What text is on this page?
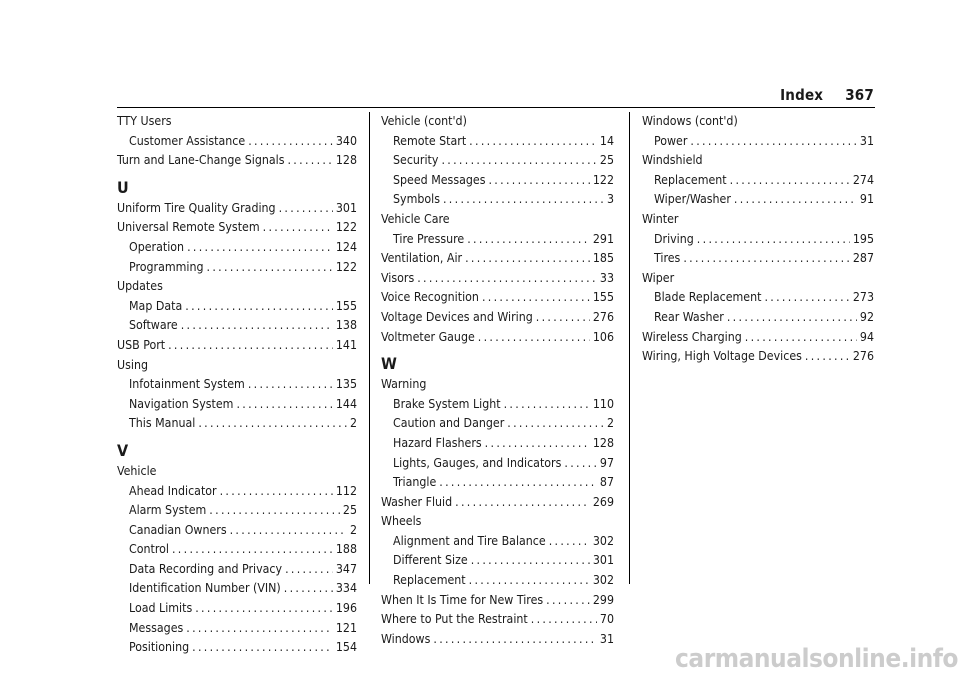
Index 367
TTY Users
Customer Assistance . . .	340
Turn and Lane-Change Signals . . .	128
U
Uniform Tire Quality Grading . . .	301
Universal Remote System . . .	122
Operation . . .	124
Programming . . .	122
Updates
Map Data . . .	155
Software . . .	138
USB Port . . .	141
Using
Infotainment System . . .	135
Navigation System . . .	144
This Manual . . .	2
V
Vehicle
Ahead Indicator . . .	112
Alarm System . . .	25
Canadian Owners . . .	2
Control . . .	188
Data Recording and Privacy . . .	347
Identification Number (VIN) . . .	334
Load Limits . . .	196
Messages . . .	121
Positioning . . .	154
Vehicle (cont'd)
Remote Start . . .	14
Security . . .	25
Speed Messages . . .	122
Symbols . . .	3
Vehicle Care
Tire Pressure . . .	291
Ventilation, Air . . .	185
Visors . . .	33
Voice Recognition . . .	155
Voltage Devices and Wiring . . .	276
Voltmeter Gauge . . .	106
W
Warning
Brake System Light . . .	110
Caution and Danger . . .	2
Hazard Flashers . . .	128
Lights, Gauges, and Indicators . . .	97
Triangle . . .	87
Washer Fluid . . .	269
Wheels
Alignment and Tire Balance . . .	302
Different Size . . .	301
Replacement . . .	302
When It Is Time for New Tires . . .	299
Where to Put the Restraint . . .	70
Windows . . .	31
Windows (cont'd)
Power . . .	31
Windshield
Replacement . . .	274
Wiper/Washer . . .	91
Winter
Driving . . .	195
Tires . . .	287
Wiper
Blade Replacement . . .	273
Rear Washer . . .	92
Wireless Charging . . .	94
Wiring, High Voltage Devices . . .	276
carmanualsonline.info
